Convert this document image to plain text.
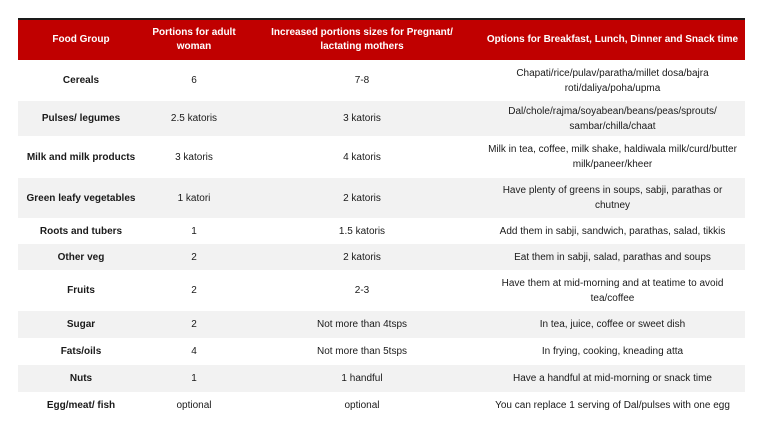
Food Group	Portions for adult woman	Increased portions sizes for Pregnant/ lactating mothers	Options for Breakfast, Lunch, Dinner and Snack time
Cereals	6	7-8	Chapati/rice/pulav/paratha/millet dosa/bajra roti/daliya/poha/upma
Pulses/ legumes	2.5 katoris	3 katoris	Dal/chole/rajma/soyabean/beans/peas/sprouts/ sambar/chilla/chaat
Milk and milk products	3 katoris	4 katoris	Milk in tea, coffee, milk shake, haldiwala milk/curd/butter milk/paneer/kheer
Green leafy vegetables	1 katori	2 katoris	Have plenty of greens in soups, sabji, parathas or chutney
Roots and tubers	1	1.5 katoris	Add them in sabji, sandwich, parathas, salad, tikkis
Other veg	2	2 katoris	Eat them in sabji, salad, parathas and soups
Fruits	2	2-3	Have them at mid-morning and at teatime to avoid tea/coffee
Sugar	2	Not more than 4tsps	In tea, juice, coffee or sweet dish
Fats/oils	4	Not more than 5tsps	In frying, cooking, kneading atta
Nuts	1	1 handful	Have a handful at mid-morning or snack time
Egg/meat/ fish	optional	optional	You can replace 1 serving of Dal/pulses with one egg
